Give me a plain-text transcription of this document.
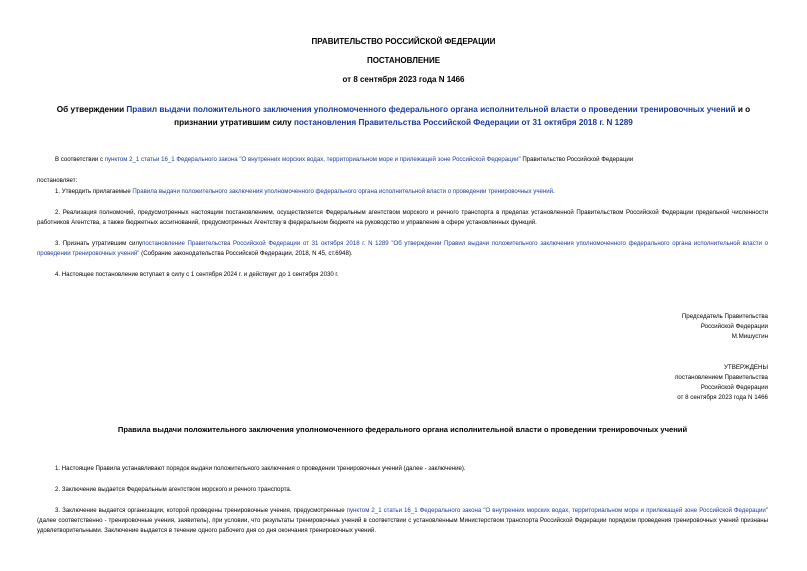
ПРАВИТЕЛЬСТВО РОССИЙСКОЙ ФЕДЕРАЦИИ
ПОСТАНОВЛЕНИЕ
от 8 сентября 2023 года N 1466
Об утверждении Правил выдачи положительного заключения уполномоченного федерального органа исполнительной власти о проведении тренировочных учений и о признании утратившим силу постановления Правительства Российской Федерации от 31 октября 2018 г. N 1289
В соответствии с пунктом 2_1 статьи 16_1 Федерального закона "О внутренних морских водах, территориальном море и прилежащей зоне Российской Федерации" Правительство Российской Федерации
постановляет:
1. Утвердить прилагаемые Правила выдачи положительного заключения уполномоченного федерального органа исполнительной власти о проведении тренировочных учений.
2. Реализация полномочий, предусмотренных настоящим постановлением, осуществляется Федеральным агентством морского и речного транспорта в пределах установленной Правительством Российской Федерации предельной численности работников Агентства, а также бюджетных ассигнований, предусмотренных Агентству в федеральном бюджете на руководство и управление в сфере установленных функций.
3. Признать утратившим силупостановление Правительства Российской Федерации от 31 октября 2018 г. N 1289 "Об утверждении Правил выдачи положительного заключения уполномоченного федерального органа исполнительной власти о проведении тренировочных учений" (Собрание законодательства Российской Федерации, 2018, N 45, ст.6948).
4. Настоящее постановление вступает в силу с 1 сентября 2024 г. и действует до 1 сентября 2030 г.
Председатель Правительства
Российской Федерации
М.Мишустин
УТВЕРЖДЕНЫ
постановлением Правительства
Российской Федерации
от 8 сентября 2023 года N 1466
Правила выдачи положительного заключения уполномоченного федерального органа исполнительной власти о проведении тренировочных учений
1. Настоящие Правила устанавливают порядок выдачи положительного заключения о проведении тренировочных учений (далее - заключение).
2. Заключение выдается Федеральным агентством морского и речного транспорта.
3. Заключение выдается организации, которой проведены тренировочные учения, предусмотренные пунктом 2_1 статьи 16_1 Федерального закона "О внутренних морских водах, территориальном море и прилежащей зоне Российской Федерации" (далее соответственно - тренировочные учения, заявитель), при условии, что результаты тренировочных учений в соответствии с установленным Министерством транспорта Российской Федерации порядком проведения тренировочных учений признаны удовлетворительными. Заключение выдается в течение одного рабочего дня со дня окончания тренировочных учений.
